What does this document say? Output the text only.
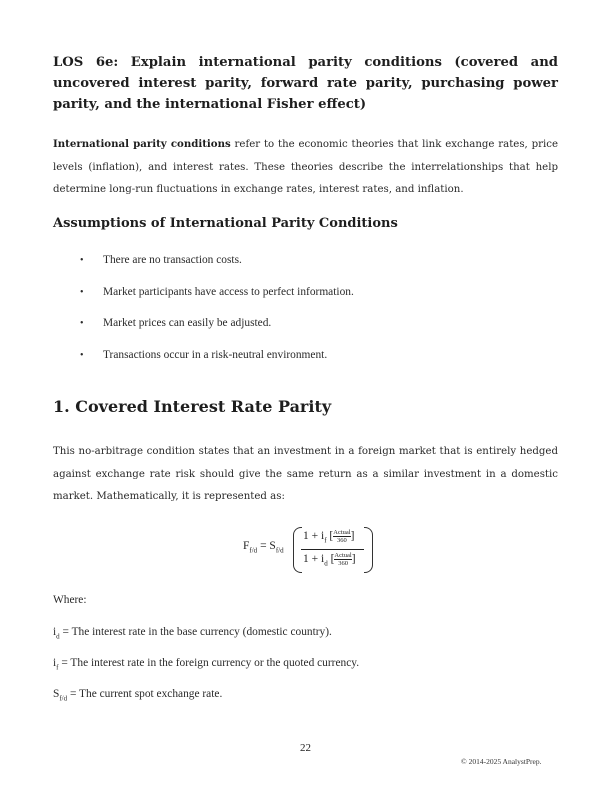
LOS 6e: Explain international parity conditions (covered and uncovered interest parity, forward rate parity, purchasing power parity, and the international Fisher effect)
International parity conditions refer to the economic theories that link exchange rates, price levels (inflation), and interest rates. These theories describe the interrelationships that help determine long-run fluctuations in exchange rates, interest rates, and inflation.
Assumptions of International Parity Conditions
• There are no transaction costs.
• Market participants have access to perfect information.
• Market prices can easily be adjusted.
• Transactions occur in a risk-neutral environment.
1. Covered Interest Rate Parity
This no-arbitrage condition states that an investment in a foreign market that is entirely hedged against exchange rate risk should give the same return as a similar investment in a domestic market. Mathematically, it is represented as:
$F_{f/d} = S_{f/d}$
$1 + i_f$ [ Actual
360 ]
$1 + i_d$ [ Actual
360 ]
Where:
$i_d$ = The interest rate in the base currency (domestic country).
$i_f$ = The interest rate in the foreign currency or the quoted currency.
$S_{f/d}$ = The current spot exchange rate.
22
© 2014-2025 AnalystPrep.
